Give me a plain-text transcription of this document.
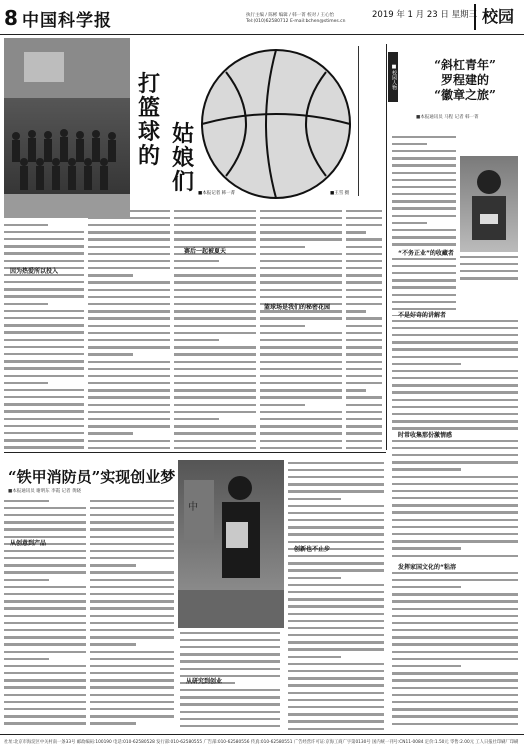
8 中国科学报	执行主编 / 陈彬 编辑 / 韩一菁 校对 / 王心怡
Tel:(010)62580712 E-mail:bchen@stimes.cn
2019 年 1 月 23 日 星期三 校园
打篮球的
姑娘们 ■本报记者 韩一菁	■王雪 摄
因为热爱所以投入
赛后一起被夏天
篮球场是我们的秘密花园
■校园人物	“斜杠青年”
罗程建的
“徽章之旅”
■本报通讯员 马程 记者 韩一菁
“不务正业”的收藏者
不是好奇的讲解者
时常收集那份激情感
发挥家国文化的“粘溶
“铁甲消防员”实现创业梦
■本报通讯员 谢明东 李霞 记者 黄晓
从创意到产品
中
从研究到创业
创新也不止步
社址:北京市海淀区中关村南一条33号 邮政编码:100190 电话:010-62580528 发行部:010-62580555 广告部:010-62580556 传真:010-62580551 广告经营许可证:京海工商广字第0130号 国内统一刊号:CN11-0084 定价:1.50元 零售:2.00元 工人日报社印刷厂印刷
